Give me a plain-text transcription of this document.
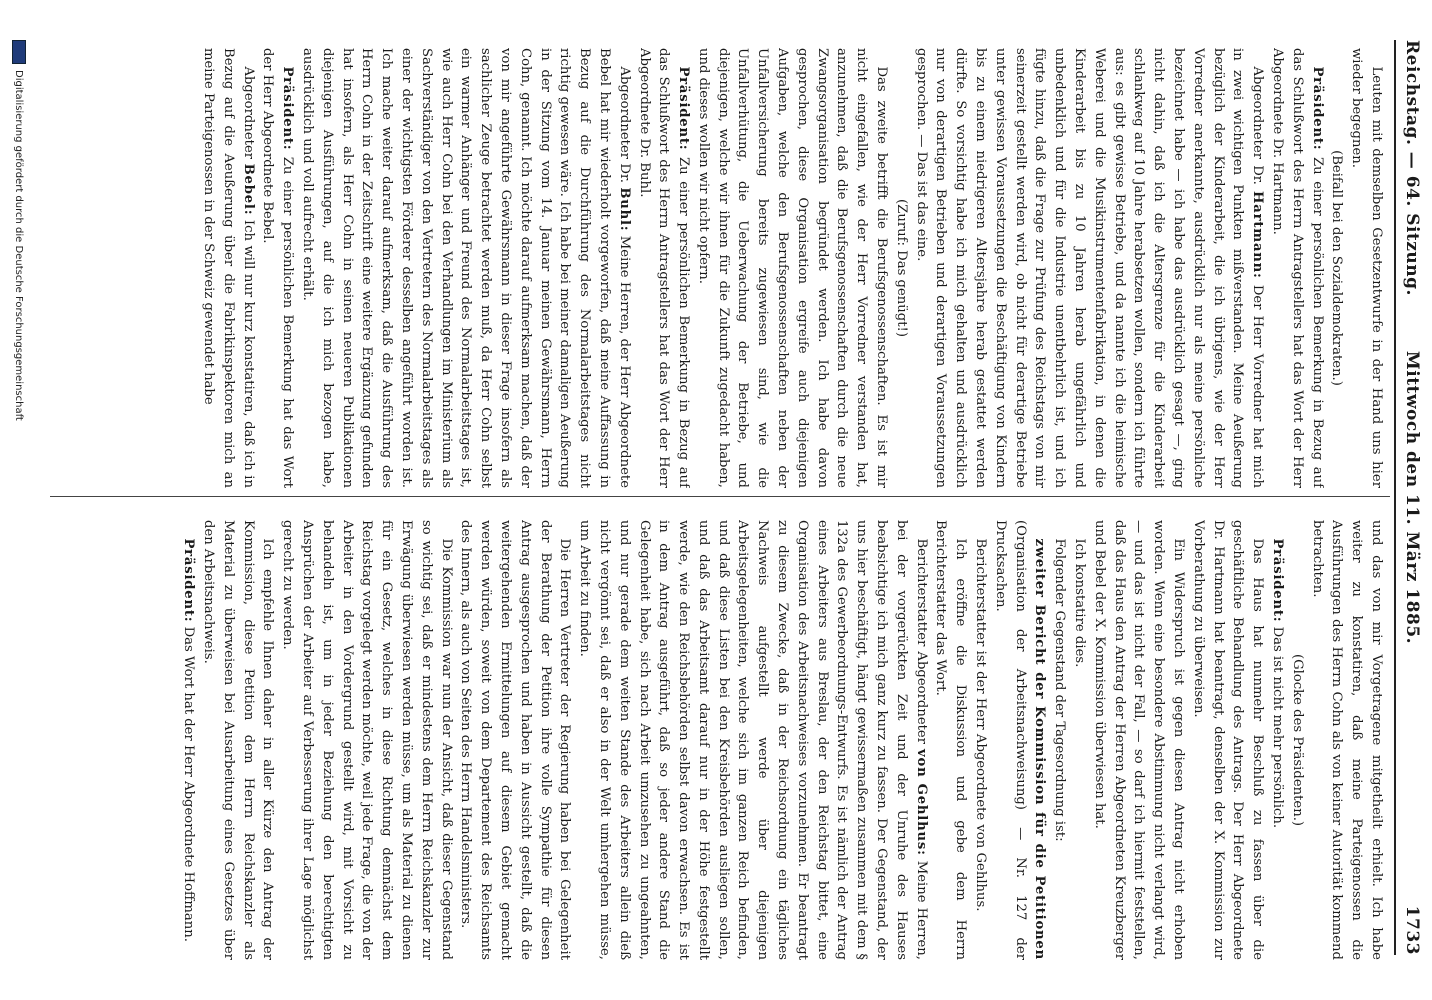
Reichstag. — 64. Sitzung.
Mittwoch den 11. März 1885.
1733

Leuten mit demselben Gesetzentwurfe in der Hand uns hier wieder begegnen.

(Beifall bei den Sozialdemokraten.)

Präsident: Zu einer persönlichen Bemerkung in Bezug auf das Schlußwort des Herrn Antragstellers hat das Wort der Herr Abgeordnete Dr. Hartmann.

Abgeordneter Dr. Hartmann: Der Herr Vorredner hat mich in zwei wichtigen Punkten mißverstanden. Meine Aeußerung bezüglich der Kinderarbeit, die ich übrigens, wie der Herr Vorredner anerkannte, ausdrücklich nur als meine persönliche bezeichnet habe — ich habe das ausdrücklich gesagt —, ging nicht dahin, daß ich die Altersgrenze für die Kinderarbeit schlankweg auf 10 Jahre herabsetzen wollen, sondern ich führte aus: es gibt gewisse Betriebe, und da nannte ich die heimische Weberei und die Musikinstrumentenfabrikation, in denen die Kinderarbeit bis zu 10 Jahren herab ungefährlich und unbedenklich und für die Industrie unentbehrlich ist, und ich fügte hinzu, daß die Frage zur Prüfung des Reichstags von mir seinerzeit gestellt werden wird, ob nicht für derartige Betriebe unter gewissen Voraussetzungen die Beschäftigung von Kindern bis zu einem niedrigeren Altersjahre herab gestattet werden dürfte. So vorsichtig habe ich mich gehalten und ausdrücklich nur von derartigen Betrieben und derartigen Voraussetzungen gesprochen. — Das ist das eine.

(Zuruf: Das genügt!)

Das zweite betrifft die Berufsgenossenschaften. Es ist mir nicht eingefallen, wie der Herr Vorredner verstanden hat, anzunehmen, daß die Berufsgenossenschaften durch die neue Zwangsorganisation begründet werden. Ich habe davon gesprochen, diese Organisation ergreife auch diejenigen Aufgaben, welche den Berufsgenossenschaften neben der Unfallversicherung bereits zugewiesen sind, wie die Unfallverhütung, die Ueberwachung der Betriebe, und diejenigen, welche wir ihnen für die Zukunft zugedacht haben, und dieses wollen wir nicht opfern.

Präsident: Zu einer persönlichen Bemerkung in Bezug auf das Schlußwort des Herrn Antragstellers hat das Wort der Herr Abgeordnete Dr. Buhl.

Abgeordneter Dr. Buhl: Meine Herren, der Herr Abgeordnete Bebel hat mir wiederholt vorgeworfen, daß meine Auffassung in Bezug auf die Durchführung des Normalarbeitstages nicht richtig gewesen wäre. Ich habe bei meiner damaligen Aeußerung in der Sitzung vom 14. Januar meinen Gewährsmann, Herrn Cohn, genannt. Ich möchte darauf aufmerksam machen, daß der von mir angeführte Gewährsmann in dieser Frage insofern als sachlicher Zeuge betrachtet werden muß, da Herr Cohn selbst ein warmer Anhänger und Freund des Normalarbeitstages ist, wie auch Herr Cohn bei den Verhandlungen im Ministerium als Sachverständiger von den Vertretern des Normalarbeitstages als einer der wichtigsten Förderer desselben angeführt worden ist. Ich mache weiter darauf aufmerksam, daß die Ausführung des Herrn Cohn in der Zeitschrift eine weitere Ergänzung gefunden hat insofern, als Herr Cohn in seinen neueren Publikationen diejenigen Ausführungen, auf die ich mich bezogen habe, ausdrücklich und voll aufrecht erhält.

Präsident: Zu einer persönlichen Bemerkung hat das Wort der Herr Abgeordnete Bebel.

Abgeordneter Bebel: Ich will nur kurz konstatiren, daß ich in Bezug auf die Aeußerung über die Fabrikinspektoren mich an meine Parteigenossen in der Schweiz gewendet habe

und das von mir Vorgetragene mitgetheilt erhielt. Ich habe weiter zu konstatiren, daß meine Parteigenossen die Ausführungen des Herrn Cohn als von keiner Autorität kommend betrachten.

(Glocke des Präsidenten.)

Präsident: Das ist nicht mehr persönlich.

Das Haus hat nunmehr Beschluß zu fassen über die geschäftliche Behandlung des Antrags. Der Herr Abgeordnete Dr. Hartmann hat beantragt, denselben der X. Kommission zur Vorberathung zu überweisen.

Ein Widerspruch ist gegen diesen Antrag nicht erhoben worden. Wenn eine besondere Abstimmung nicht verlangt wird, — und das ist nicht der Fall, — so darf ich hiermit feststellen, daß das Haus den Antrag der Herren Abgeordneten Kreuzberger und Bebel der X. Kommission überwiesen hat.

Ich konstatire dies.

Folgender Gegenstand der Tagesordnung ist:

zweiter Bericht der Kommission für die Petitionen (Organisation der Arbeitsnachweisung) — Nr. 127 der Drucksachen.

Berichterstatter ist der Herr Abgeordnete von Gehlhus.

Ich eröffne die Diskussion und gebe dem Herrn Berichterstatter das Wort.

Berichterstatter Abgeordneter von Gehlhus: Meine Herren, bei der vorgerückten Zeit und der Unruhe des Hauses beabsichtige ich mich ganz kurz zu fassen. Der Gegenstand, der uns hier beschäftigt, hängt gewissermaßen zusammen mit dem § 132a des Gewerbeordnungs-Entwurfs. Es ist nämlich der Antrag eines Arbeiters aus Breslau, der den Reichstag bittet, eine Organisation des Arbeitsnachweises vorzunehmen. Er beantragt zu diesem Zwecke, daß in der Reichsordnung ein tägliches Nachweis aufgestellt werde über diejenigen Arbeitsgelegenheiten, welche sich im ganzen Reich befinden, und daß diese Listen bei den Kreisbehörden ausliegen sollen, und daß das Arbeitsamt darauf nur in der Höhe festgestellt werde, wie den Reichsbehörden selbst davon erwachsen. Es ist in dem Antrag ausgeführt, daß so jeder andere Stand die Gelegenheit habe, sich nach Arbeit umzusehen zu ungeahnten, und nur gerade dem weiten Stande des Arbeiters allein dieß nicht vergönnt sei, daß er also in der Welt umhergehen müsse, um Arbeit zu finden.

Die Herren Vertreter der Regierung haben bei Gelegenheit der Berathung der Petition ihre volle Sympathie für diesen Antrag ausgesprochen und haben in Aussicht gestellt, daß die weitergehenden Ermittelungen auf diesem Gebiet gemacht werden würden, soweit von dem Departement des Reichsamts des Innern, als auch von Seiten des Herrn Handelsministers.

Die Kommission war nun der Ansicht, daß dieser Gegenstand so wichtig sei, daß er mindestens dem Herrn Reichskanzler zur Erwägung überwiesen werden müsse, um als Material zu dienen für ein Gesetz, welches in diese Richtung demnächst dem Reichstag vorgelegt werden möchte, weil jede Frage, die von der Arbeiter in den Vordergrund gestellt wird, mit Vorsicht zu behandeln ist, um in jeder Beziehung den berechtigten Ansprüchen der Arbeiter auf Verbesserung ihrer Lage möglichst gerecht zu werden.

Ich empfehle Ihnen daher in aller Kürze den Antrag der Kommission, diese Petition dem Herrn Reichskanzler als Material zu überweisen bei Ausarbeitung eines Gesetzes über den Arbeitsnachweis.

Präsident: Das Wort hat der Herr Abgeordnete Hoffmann.

Digitalisierung gefördert durch die Deutsche Forschungsgemeinschaft
